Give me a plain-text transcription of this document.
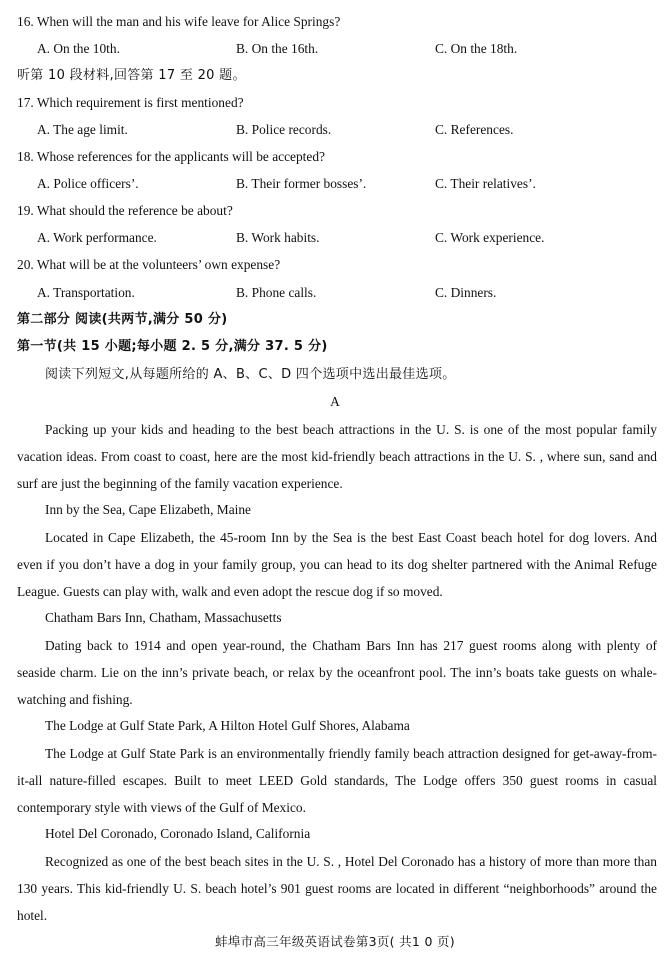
16. When will the man and his wife leave for Alice Springs?
A. On the 10th.	B. On the 16th.	C. On the 18th.
听第 10 段材料,回答第 17 至 20 题。
17. Which requirement is first mentioned?
A. The age limit.	B. Police records.	C. References.
18. Whose references for the applicants will be accepted?
A. Police officers’.	B. Their former bosses’.	C. Their relatives’.
19. What should the reference be about?
A. Work performance.	B. Work habits.	C. Work experience.
20. What will be at the volunteers’ own expense?
A. Transportation.	B. Phone calls.	C. Dinners.
第二部分 阅读(共两节,满分 50 分)
第一节(共 15 小题;每小题 2. 5 分,满分 37. 5 分)
阅读下列短文,从每题所给的 A、B、C、D 四个选项中选出最佳选项。
A

Packing up your kids and heading to the best beach attractions in the U. S. is one of the most popular family vacation ideas. From coast to coast, here are the most kid-friendly beach attractions in the U. S. , where sun, sand and surf are just the beginning of the family vacation experience.

Inn by the Sea, Cape Elizabeth, Maine

Located in Cape Elizabeth, the 45-room Inn by the Sea is the best East Coast beach hotel for dog lovers. And even if you don’t have a dog in your family group, you can head to its dog shelter partnered with the Animal Refuge League. Guests can play with, walk and even adopt the rescue dog if so moved.

Chatham Bars Inn, Chatham, Massachusetts

Dating back to 1914 and open year-round, the Chatham Bars Inn has 217 guest rooms along with plenty of seaside charm. Lie on the inn’s private beach, or relax by the oceanfront pool. The inn’s boats take guests on whale-watching and fishing.

The Lodge at Gulf State Park, A Hilton Hotel Gulf Shores, Alabama

The Lodge at Gulf State Park is an environmentally friendly family beach attraction designed for get-away-from-it-all nature-filled escapes. Built to meet LEED Gold standards, The Lodge offers 350 guest rooms in casual contemporary style with views of the Gulf of Mexico.

Hotel Del Coronado, Coronado Island, California

Recognized as one of the best beach sites in the U. S. , Hotel Del Coronado has a history of more than more than 130 years. This kid-friendly U. S. beach hotel’s 901 guest rooms are located in different “neighborhoods” around the hotel.

蚌埠市高三年级英语试卷第3页( 共1 0 页)
